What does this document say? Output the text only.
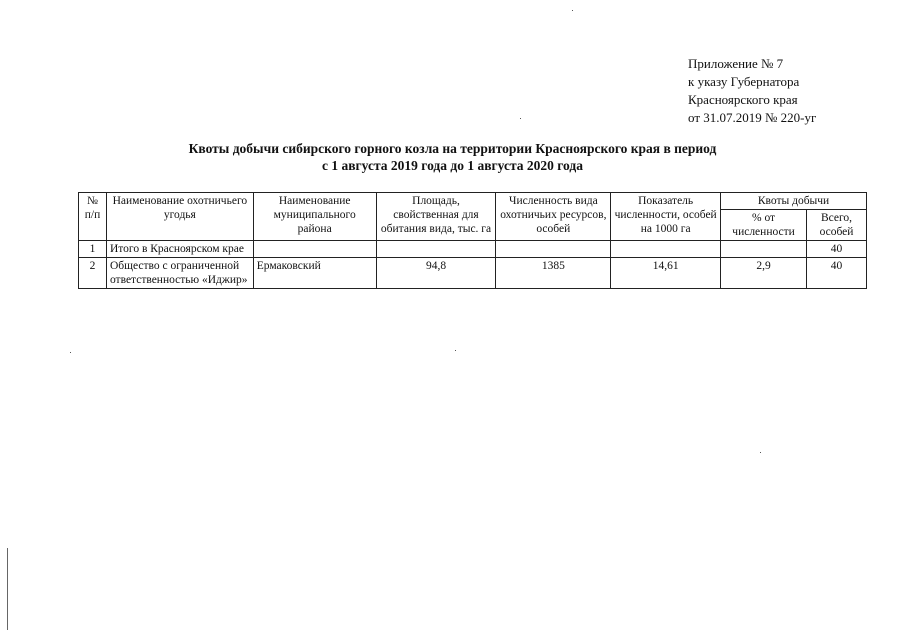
Приложение № 7
к указу Губернатора
Красноярского края
от 31.07.2019 № 220-уг
Квоты добычи сибирского горного козла на территории Красноярского края в период
с 1 августа 2019 года до 1 августа 2020 года
№ п/п	Наименование охотничьего угодья	Наименование муниципального района	Площадь, свойственная для обитания вида, тыс. га	Численность вида охотничьих ресурсов, особей	Показатель численности, особей на 1000 га	Квоты добычи	
						% от численности	Всего, особей
1	Итого в Красноярском крае						40
2	Общество с ограниченной ответственностью «Иджир»	Ермаковский	94,8	1385	14,61	2,9	40
